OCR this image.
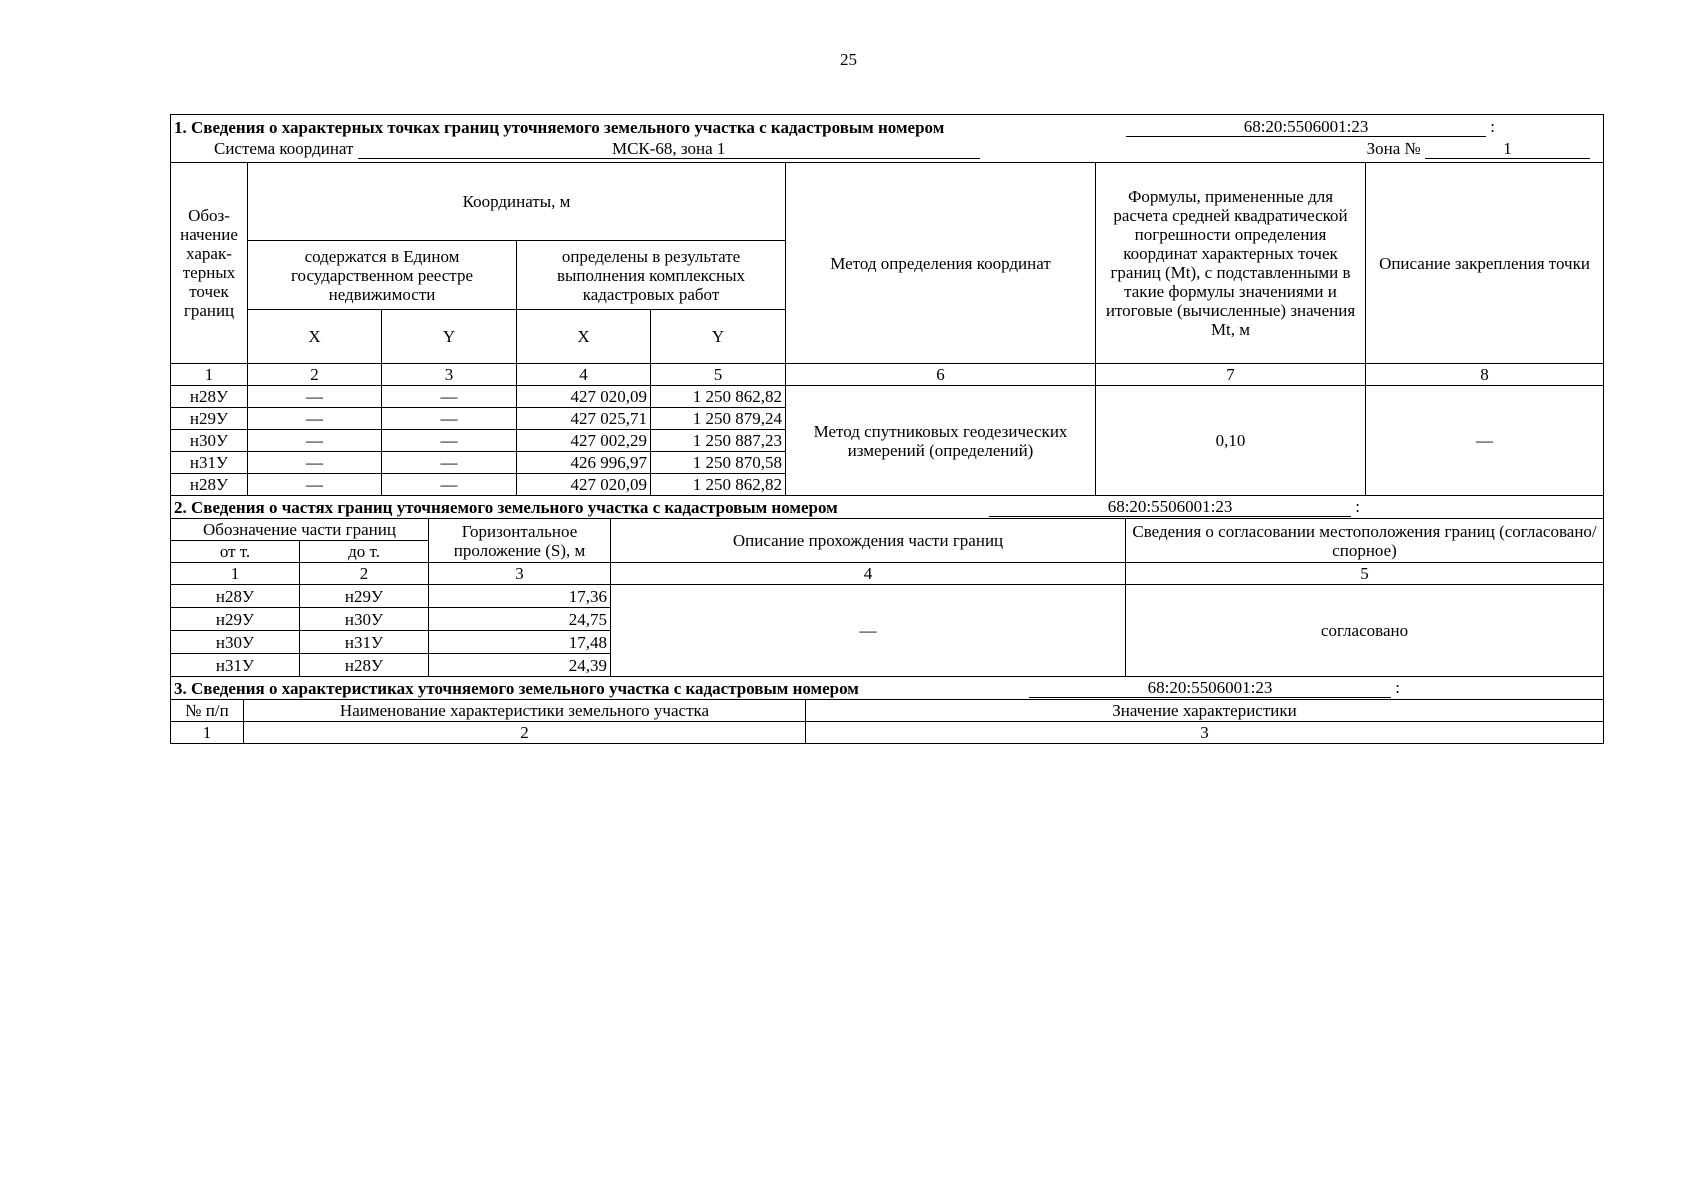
25
1. Сведения о характерных точках границ уточняемого земельного участка с кадастровым номером 68:20:5506001:23 :
Система координат МСК-68, зона 1 Зона № 1							

Обоз-начение харак-терных точек границ	Координаты, м				Метод определения координат	Формулы, примененные для расчета средней квадратической погрешности определения координат характерных точек границ (Mt), с подставленными в такие формулы значениями и итоговые (вычисленные) значения Mt, м	Описание закрепления точки
	содержатся в Едином государственном реестре недвижимости		определены в результате выполнения комплексных кадастровых работ				
	X	Y	X	Y			
1	2	3	4	5	6	7	8
н28У	—	—	427 020,09	1 250 862,82	Метод спутниковых геодезических измерений (определений)	0,10	—
н29У	—	—	427 025,71	1 250 879,24			
н30У	—	—	427 002,29	1 250 887,23			
н31У	—	—	426 996,97	1 250 870,58			
н28У	—	—	427 020,09	1 250 862,82			
2. Сведения о частях границ уточняемого земельного участка с кадастровым номером 68:20:5506001:23 :				

Обозначение части границ		Горизонтальное проложение (S), м	Описание прохождения части границ	Сведения о согласовании местоположения границ (согласовано/спорное)
от т.	до т.			
1	2	3	4	5
н28У	н29У	17,36	—	согласовано
н29У	н30У	24,75		
н30У	н31У	17,48		
н31У	н28У	24,39		
3. Сведения о характеристиках уточняемого земельного участка с кадастровым номером 68:20:5506001:23 :		

№ п/п	Наименование характеристики земельного участка	Значение характеристики
1	2	3
